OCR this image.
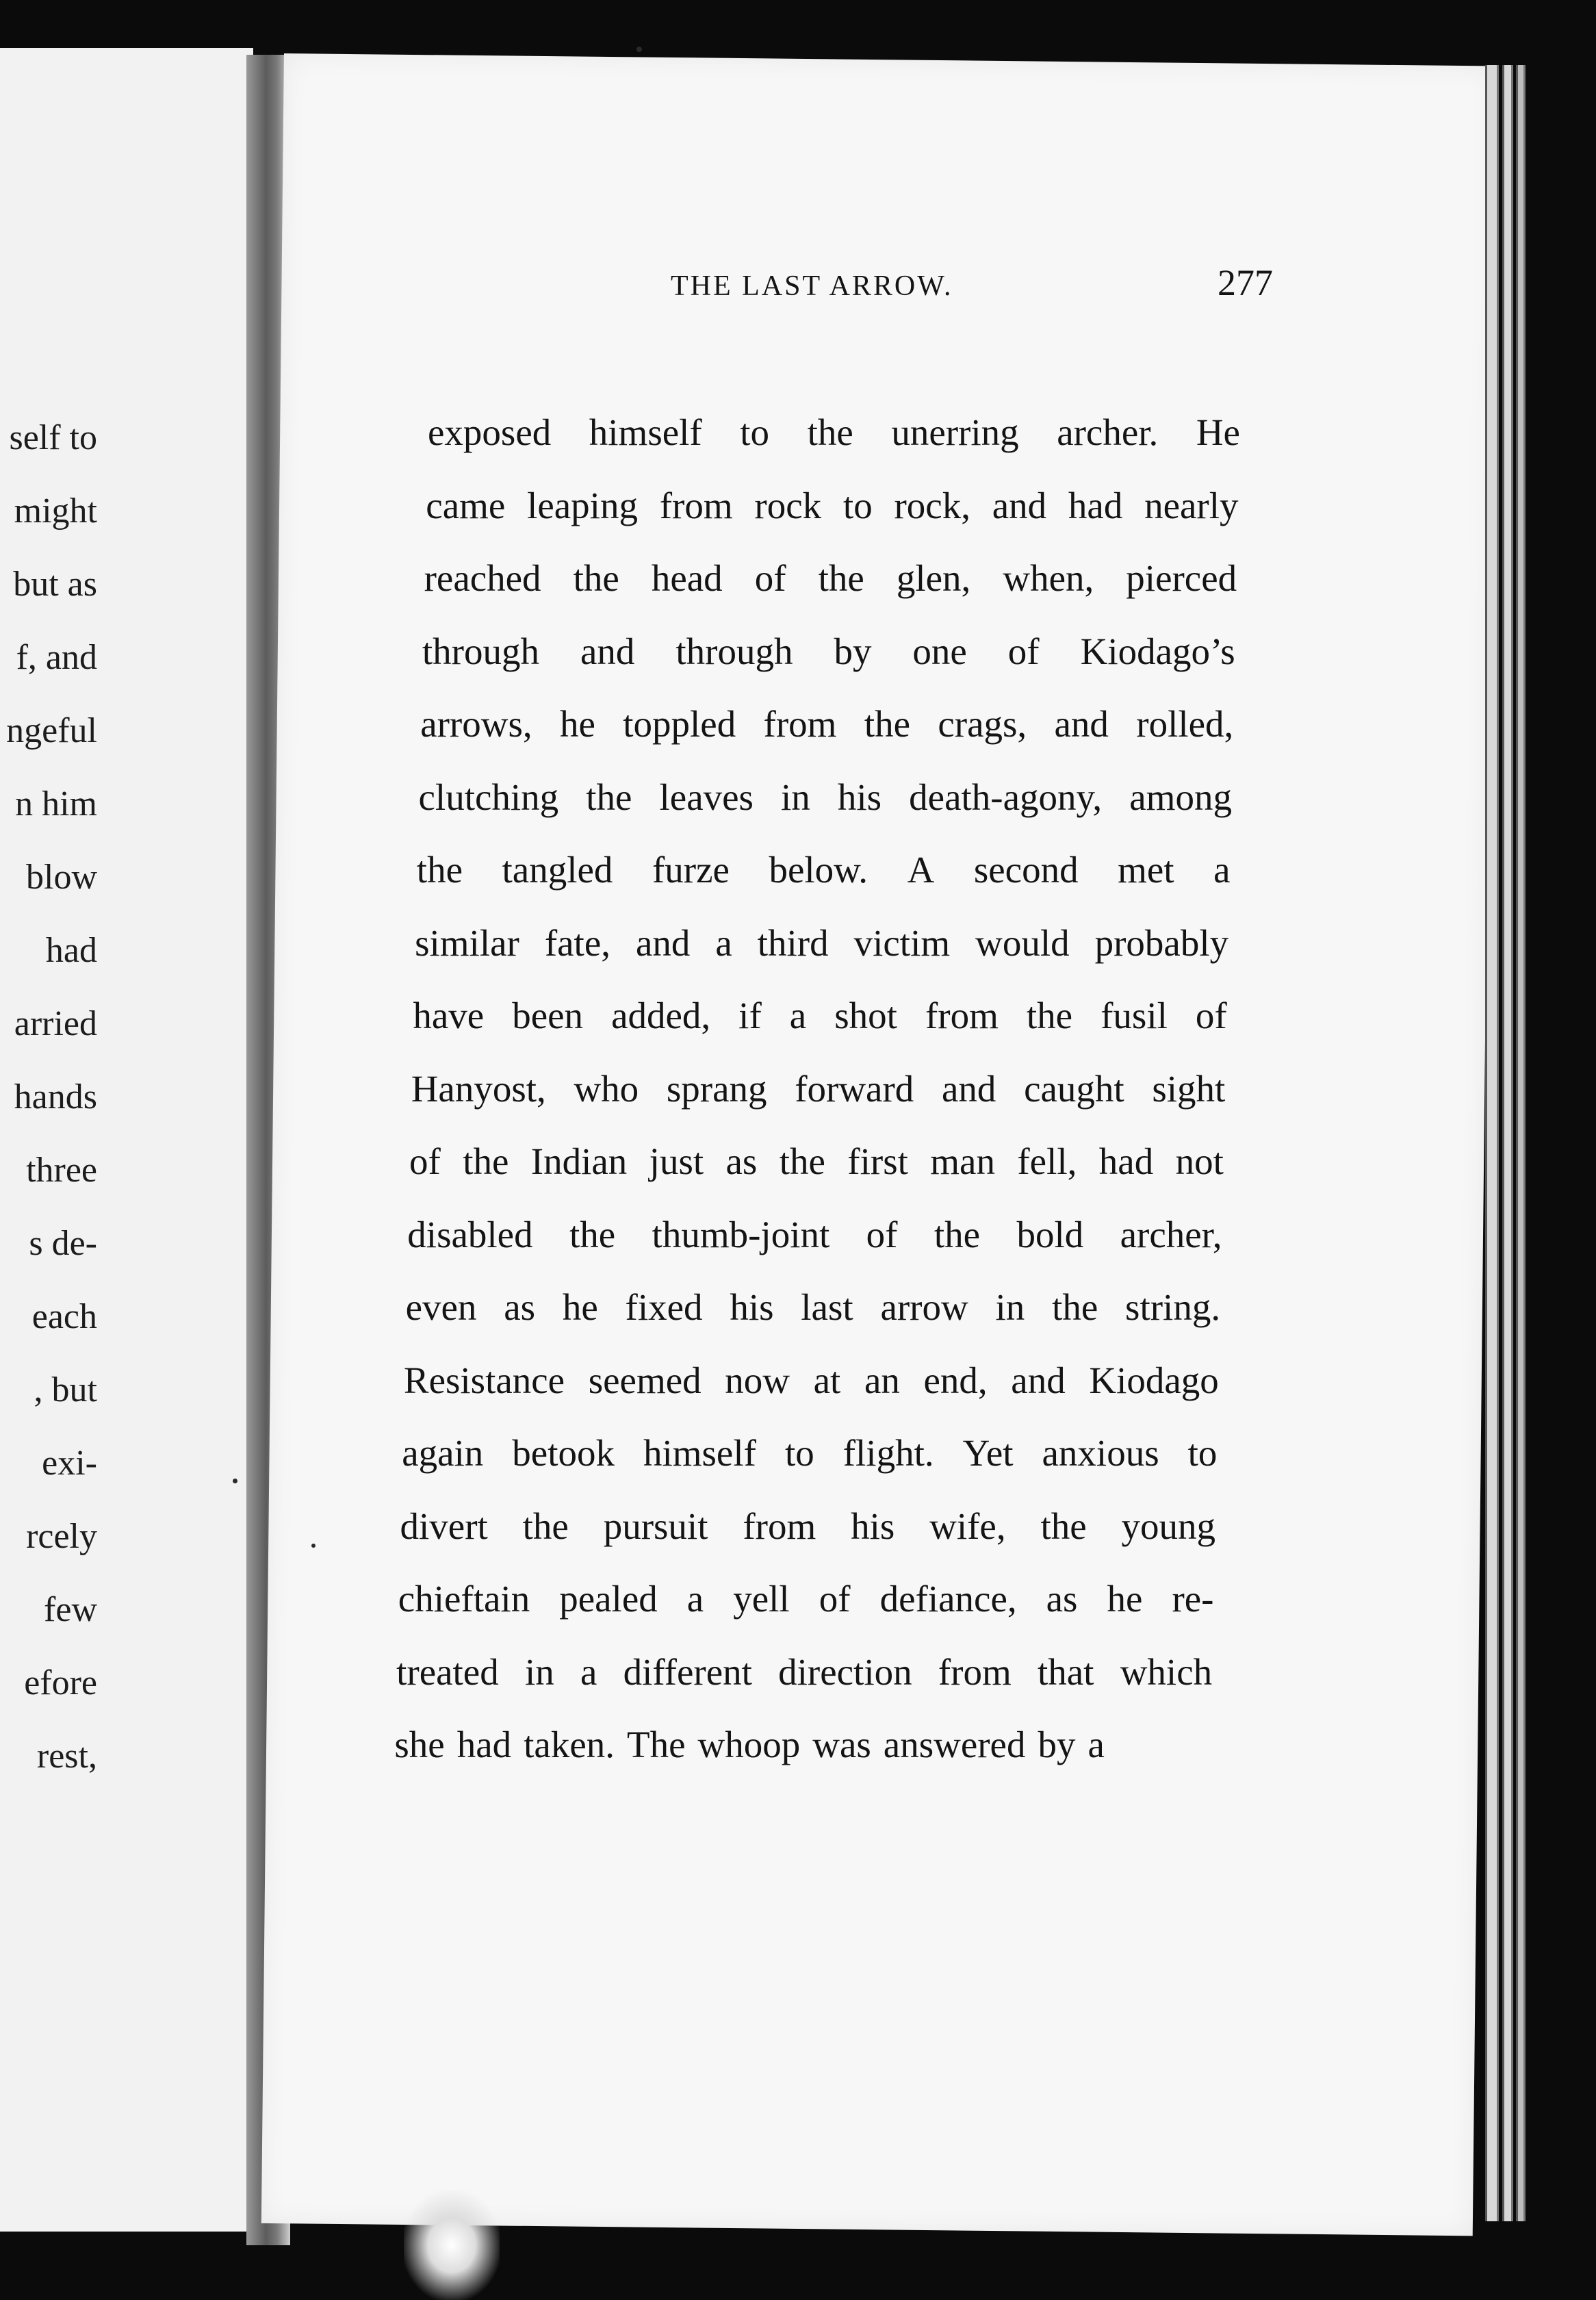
self to
might
but as
f, and
ngeful
n him
blow
had
arried
hands
three
s de-
each
, but
exi-
rcely
few
efore
rest,
THE LAST ARROW.	277
exposed himself to the unerring archer. He
came leaping from rock to rock, and had nearly
reached the head of the glen, when, pierced
through and through by one of Kiodago’s
arrows, he toppled from the crags, and rolled,
clutching the leaves in his death-agony, among
the tangled furze below. A second met a
similar fate, and a third victim would probably
have been added, if a shot from the fusil of
Hanyost, who sprang forward and caught sight
of the Indian just as the first man fell, had not
disabled the thumb-joint of the bold archer,
even as he fixed his last arrow in the string.
Resistance seemed now at an end, and Kiodago
again betook himself to flight. Yet anxious to
divert the pursuit from his wife, the young
chieftain pealed a yell of defiance, as he re-
treated in a different direction from that which
she had taken. The whoop was answered by a
